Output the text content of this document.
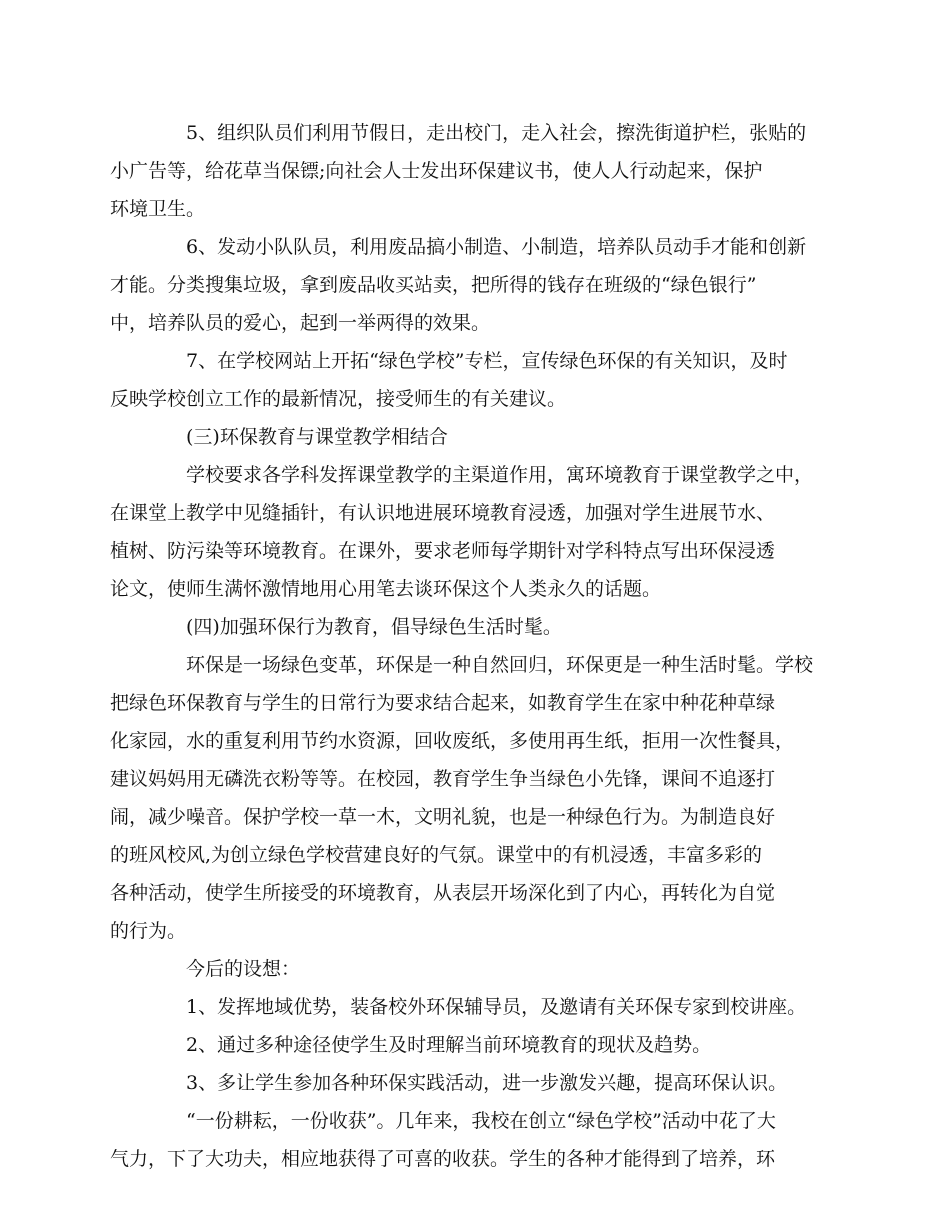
5、组织队员们利用节假日，走出校门，走入社会，擦洗街道护栏，张贴的
小广告等，给花草当保镖;向社会人士发出环保建议书，使人人行动起来，保护
环境卫生。
6、发动小队队员，利用废品搞小制造、小制造，培养队员动手才能和创新
才能。分类搜集垃圾，拿到废品收买站卖，把所得的钱存在班级的“绿色银行”
中，培养队员的爱心，起到一举两得的效果。
7、在学校网站上开拓“绿色学校”专栏，宣传绿色环保的有关知识，及时
反映学校创立工作的最新情况，接受师生的有关建议。
(三)环保教育与课堂教学相结合
学校要求各学科发挥课堂教学的主渠道作用，寓环境教育于课堂教学之中，
在课堂上教学中见缝插针，有认识地进展环境教育浸透，加强对学生进展节水、
植树、防污染等环境教育。在课外，要求老师每学期针对学科特点写出环保浸透
论文，使师生满怀激情地用心用笔去谈环保这个人类永久的话题。
(四)加强环保行为教育，倡导绿色生活时髦。
环保是一场绿色变革，环保是一种自然回归，环保更是一种生活时髦。学校
把绿色环保教育与学生的日常行为要求结合起来，如教育学生在家中种花种草绿
化家园，水的重复利用节约水资源，回收废纸，多使用再生纸，拒用一次性餐具，
建议妈妈用无磷洗衣粉等等。在校园，教育学生争当绿色小先锋，课间不追逐打
闹，减少噪音。保护学校一草一木，文明礼貌，也是一种绿色行为。为制造良好
的班风校风,为创立绿色学校营建良好的气氛。课堂中的有机浸透，丰富多彩的
各种活动，使学生所接受的环境教育，从表层开场深化到了内心，再转化为自觉
的行为。
今后的设想：
1、发挥地域优势，装备校外环保辅导员，及邀请有关环保专家到校讲座。
2、通过多种途径使学生及时理解当前环境教育的现状及趋势。
3、多让学生参加各种环保实践活动，进一步激发兴趣，提高环保认识。
“一份耕耘，一份收获”。几年来，我校在创立“绿色学校”活动中花了大
气力，下了大功夫，相应地获得了可喜的收获。学生的各种才能得到了培养，环
